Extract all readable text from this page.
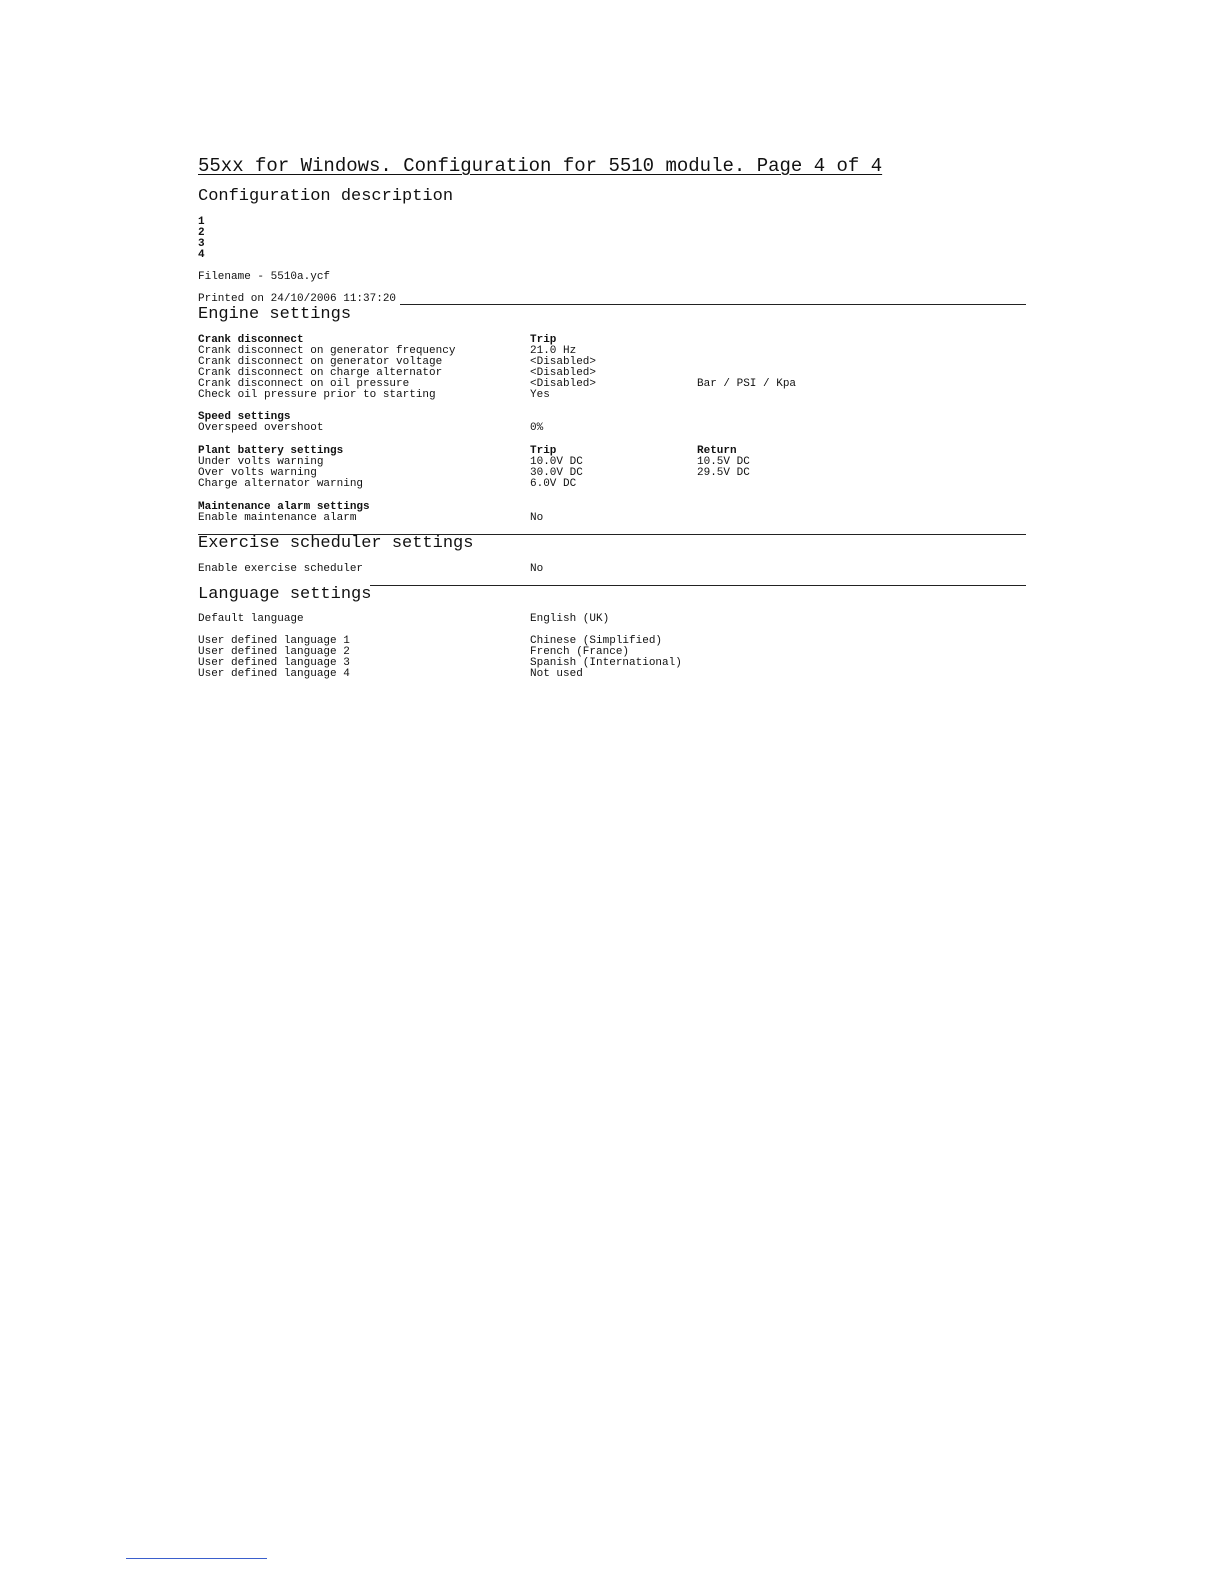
55xx for Windows. Configuration for 5510 module. Page 4 of 4
Configuration description
1
2
3
4
Filename - 5510a.ycf
Printed on 24/10/2006 11:37:20
Engine settings
Crank disconnect	Trip
Crank disconnect on generator frequency	21.0 Hz
Crank disconnect on generator voltage	<Disabled>
Crank disconnect on charge alternator	<Disabled>
Crank disconnect on oil pressure	<Disabled>	Bar / PSI / Kpa
Check oil pressure prior to starting	Yes
Speed settings
Overspeed overshoot	0%
Plant battery settings	Trip	Return
Under volts warning	10.0V DC	10.5V DC
Over volts warning	30.0V DC	29.5V DC
Charge alternator warning	6.0V DC
Maintenance alarm settings
Enable maintenance alarm	No
Exercise scheduler settings
Enable exercise scheduler	No
Language settings
Default language	English (UK)
User defined language 1	Chinese (Simplified)
User defined language 2	French (France)
User defined language 3	Spanish (International)
User defined language 4	Not used
